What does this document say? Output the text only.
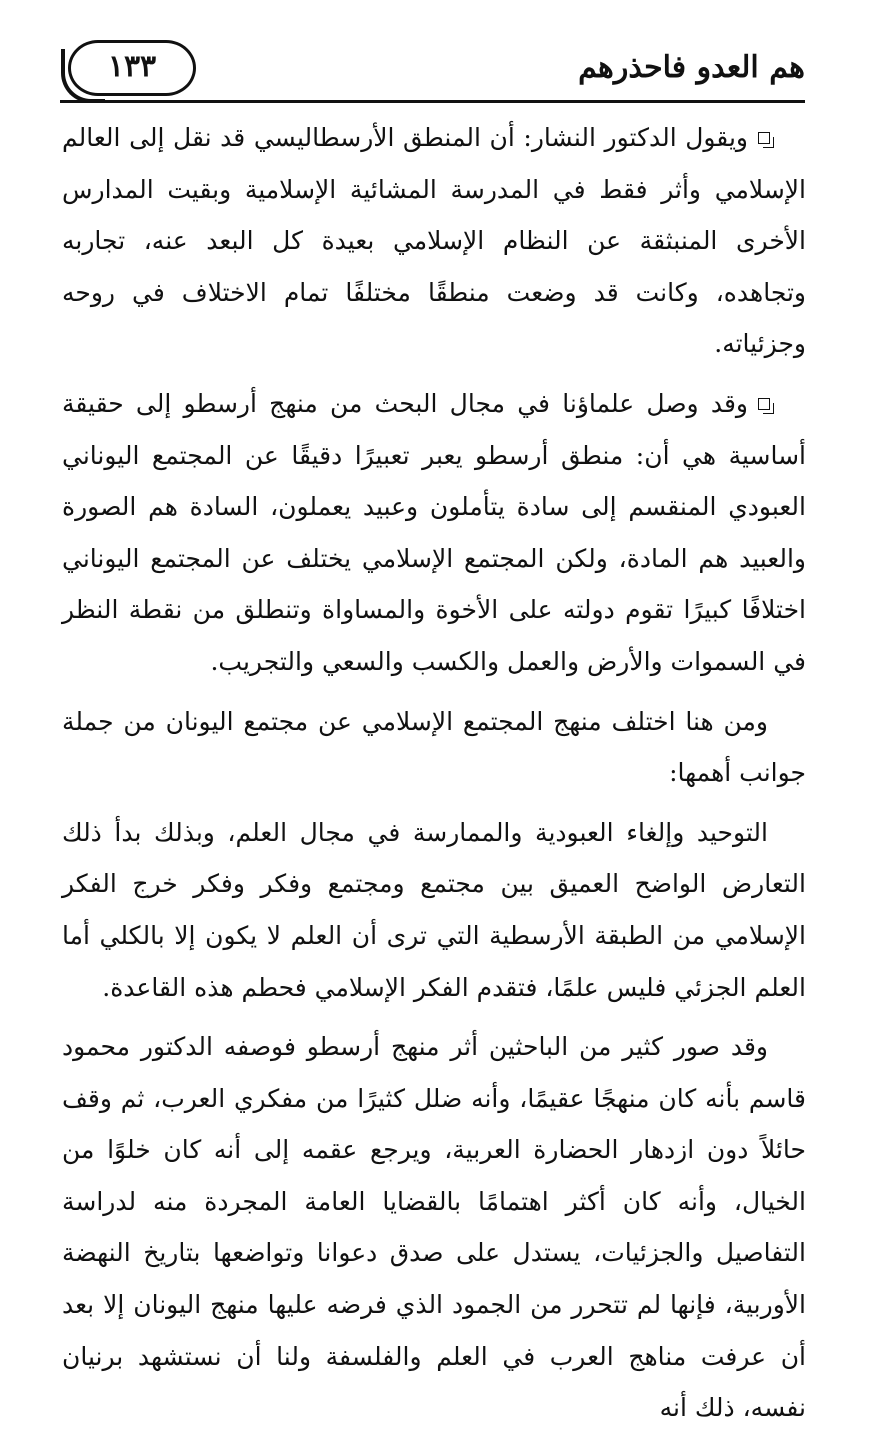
هم العدو فاحذرهم
١٣٣

ويقول الدكتور النشار: أن المنطق الأرسطاليسي قد نقل إلى العالم الإسلامي وأثر فقط في المدرسة المشائية الإسلامية وبقيت المدارس الأخرى المنبثقة عن النظام الإسلامي بعيدة كل البعد عنه، تجاربه وتجاهده، وكانت قد وضعت منطقًا مختلفًا تمام الاختلاف في روحه وجزئياته.

وقد وصل علماؤنا في مجال البحث من منهج أرسطو إلى حقيقة أساسية هي أن: منطق أرسطو يعبر تعبيرًا دقيقًا عن المجتمع اليوناني العبودي المنقسم إلى سادة يتأملون وعبيد يعملون، السادة هم الصورة والعبيد هم المادة، ولكن المجتمع الإسلامي يختلف عن المجتمع اليوناني اختلافًا كبيرًا تقوم دولته على الأخوة والمساواة وتنطلق من نقطة النظر في السموات والأرض والعمل والكسب والسعي والتجريب.

ومن هنا اختلف منهج المجتمع الإسلامي عن مجتمع اليونان من جملة جوانب أهمها:

التوحيد وإلغاء العبودية والممارسة في مجال العلم، وبذلك بدأ ذلك التعارض الواضح العميق بين مجتمع ومجتمع وفكر وفكر خرج الفكر الإسلامي من الطبقة الأرسطية التي ترى أن العلم لا يكون إلا بالكلي أما العلم الجزئي فليس علمًا، فتقدم الفكر الإسلامي فحطم هذه القاعدة.

وقد صور كثير من الباحثين أثر منهج أرسطو فوصفه الدكتور محمود قاسم بأنه كان منهجًا عقيمًا، وأنه ضلل كثيرًا من مفكري العرب، ثم وقف حائلاً دون ازدهار الحضارة العربية، ويرجع عقمه إلى أنه كان خلوًا من الخيال، وأنه كان أكثر اهتمامًا بالقضايا العامة المجردة منه لدراسة التفاصيل والجزئيات، يستدل على صدق دعوانا وتواضعها بتاريخ النهضة الأوربية، فإنها لم تتحرر من الجمود الذي فرضه عليها منهج اليونان إلا بعد أن عرفت مناهج العرب في العلم والفلسفة ولنا أن نستشهد برنيان نفسه، ذلك أنه
